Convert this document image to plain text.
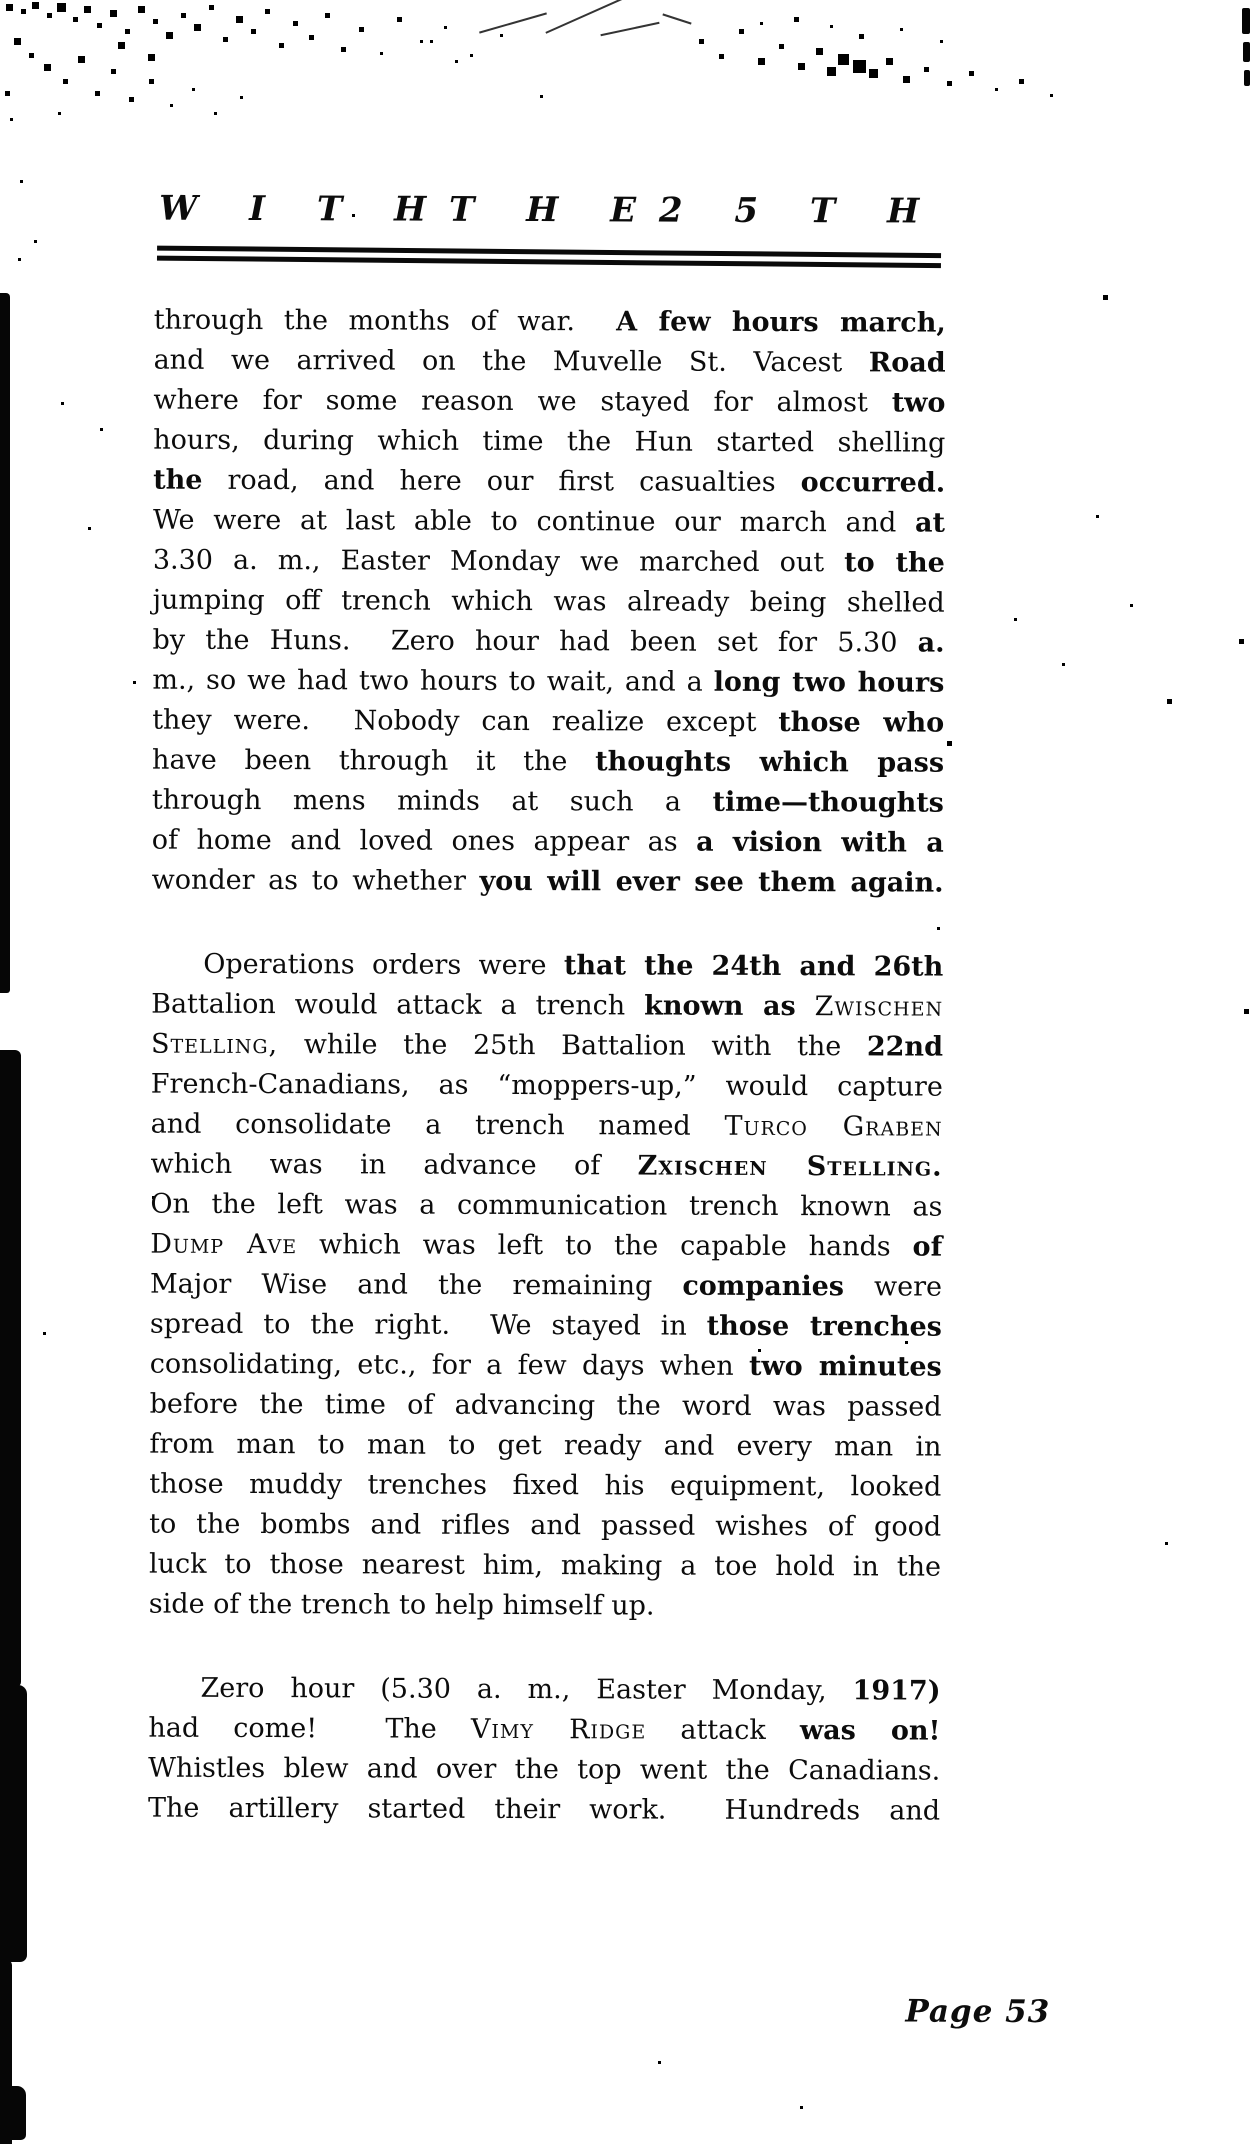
W I T H T H E 2 5 T H
through the months of war.  A few hours march,
and we arrived on the Muvelle St. Vacest Road
where for some reason we stayed for almost two
hours, during which time the Hun started shelling
the road, and here our first casualties occurred.
We were at last able to continue our march and at
3.30 a. m., Easter Monday we marched out to the
jumping off trench which was already being shelled
by the Huns.  Zero hour had been set for 5.30 a.
m., so we had two hours to wait, and a long two hours
they were.  Nobody can realize except those who
have been through it the thoughts which pass
through mens minds at such a time—thoughts
of home and loved ones appear as a vision with a
wonder as to whether you will ever see them again.
Operations orders were that the 24th and 26th
Battalion would attack a trench known as Zwischen
Stelling, while the 25th Battalion with the 22nd
French-Canadians, as “moppers-up,” would capture
and consolidate a trench named Turco Graben
which was in advance of Zxischen Stelling.
On the left was a communication trench known as
Dump Ave which was left to the capable hands of
Major Wise and the remaining companies were
spread to the right.  We stayed in those trenches
consolidating, etc., for a few days when two minutes
before the time of advancing the word was passed
from man to man to get ready and every man in
those muddy trenches fixed his equipment, looked
to the bombs and rifles and passed wishes of good
luck to those nearest him, making a toe hold in the
side of the trench to help himself up.
Zero hour (5.30 a. m., Easter Monday, 1917)
had come!  The Vimy Ridge attack was on!
Whistles blew and over the top went the Canadians.
The artillery started their work.  Hundreds and
Page 53
